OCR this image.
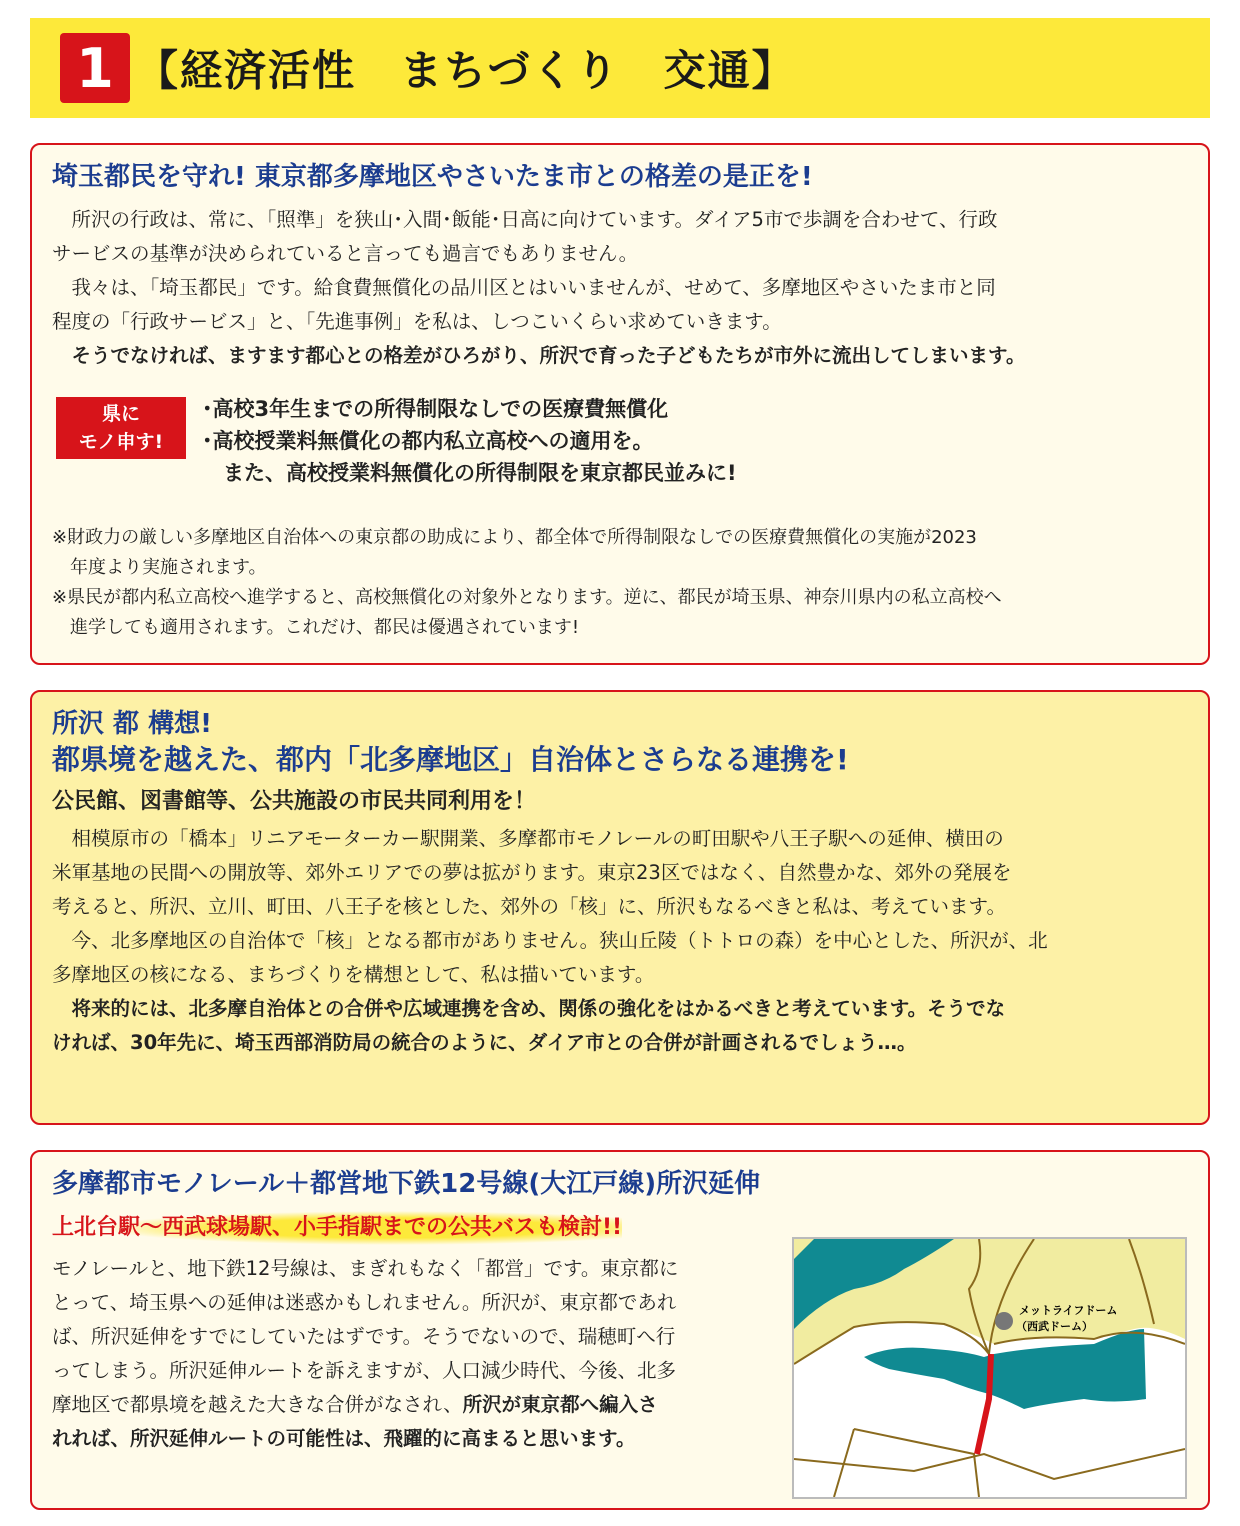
1 【経済活性　まちづくり　交通】
埼玉都民を守れ! 東京都多摩地区やさいたま市との格差の是正を!
　所沢の行政は、常に、「照準」を狭山･入間･飯能･日高に向けています。ダイア5市で歩調を合わせて、行政
サービスの基準が決められていると言っても過言でもありません。
　我々は、「埼玉都民」です。給食費無償化の品川区とはいいませんが、せめて、多摩地区やさいたま市と同
程度の「行政サービス」と、「先進事例」を私は、しつこいくらい求めていきます。
　そうでなければ、ますます都心との格差がひろがり、所沢で育った子どもたちが市外に流出してしまいます。
県に
モノ申す!
･高校3年生までの所得制限なしでの医療費無償化
･高校授業料無償化の都内私立高校への適用を。
　また、高校授業料無償化の所得制限を東京都民並みに!
※財政力の厳しい多摩地区自治体への東京都の助成により、都全体で所得制限なしでの医療費無償化の実施が2023
　年度より実施されます。
※県民が都内私立高校へ進学すると、高校無償化の対象外となります。逆に、都民が埼玉県、神奈川県内の私立高校へ
　進学しても適用されます。これだけ、都民は優遇されています!
所沢 都 構想!
都県境を越えた、都内「北多摩地区」自治体とさらなる連携を!
公民館、図書館等、公共施設の市民共同利用を！
　相模原市の「橋本」リニアモーターカー駅開業、多摩都市モノレールの町田駅や八王子駅への延伸、横田の
米軍基地の民間への開放等、郊外エリアでの夢は拡がります。東京23区ではなく、自然豊かな、郊外の発展を
考えると、所沢、立川、町田、八王子を核とした、郊外の「核」に、所沢もなるべきと私は、考えています。
　今、北多摩地区の自治体で「核」となる都市がありません。狭山丘陵（トトロの森）を中心とした、所沢が、北
多摩地区の核になる、まちづくりを構想として、私は描いています。
　将来的には、北多摩自治体との合併や広域連携を含め、関係の強化をはかるべきと考えています。そうでな
ければ、30年先に、埼玉西部消防局の統合のように、ダイア市との合併が計画されるでしょう…。
多摩都市モノレール＋都営地下鉄12号線(大江戸線)所沢延伸
上北台駅～西武球場駅、小手指駅までの公共バスも検討!!
モノレールと、地下鉄12号線は、まぎれもなく「都営」です。東京都に
とって、埼玉県への延伸は迷惑かもしれません。所沢が、東京都であれ
ば、所沢延伸をすでにしていたはずです。そうでないので、瑞穂町へ行
ってしまう。所沢延伸ルートを訴えますが、人口減少時代、今後、北多
摩地区で都県境を越えた大きな合併がなされ、所沢が東京都へ編入さ
れれば、所沢延伸ルートの可能性は、飛躍的に高まると思います。
メットライフドーム
（西武ドーム）
